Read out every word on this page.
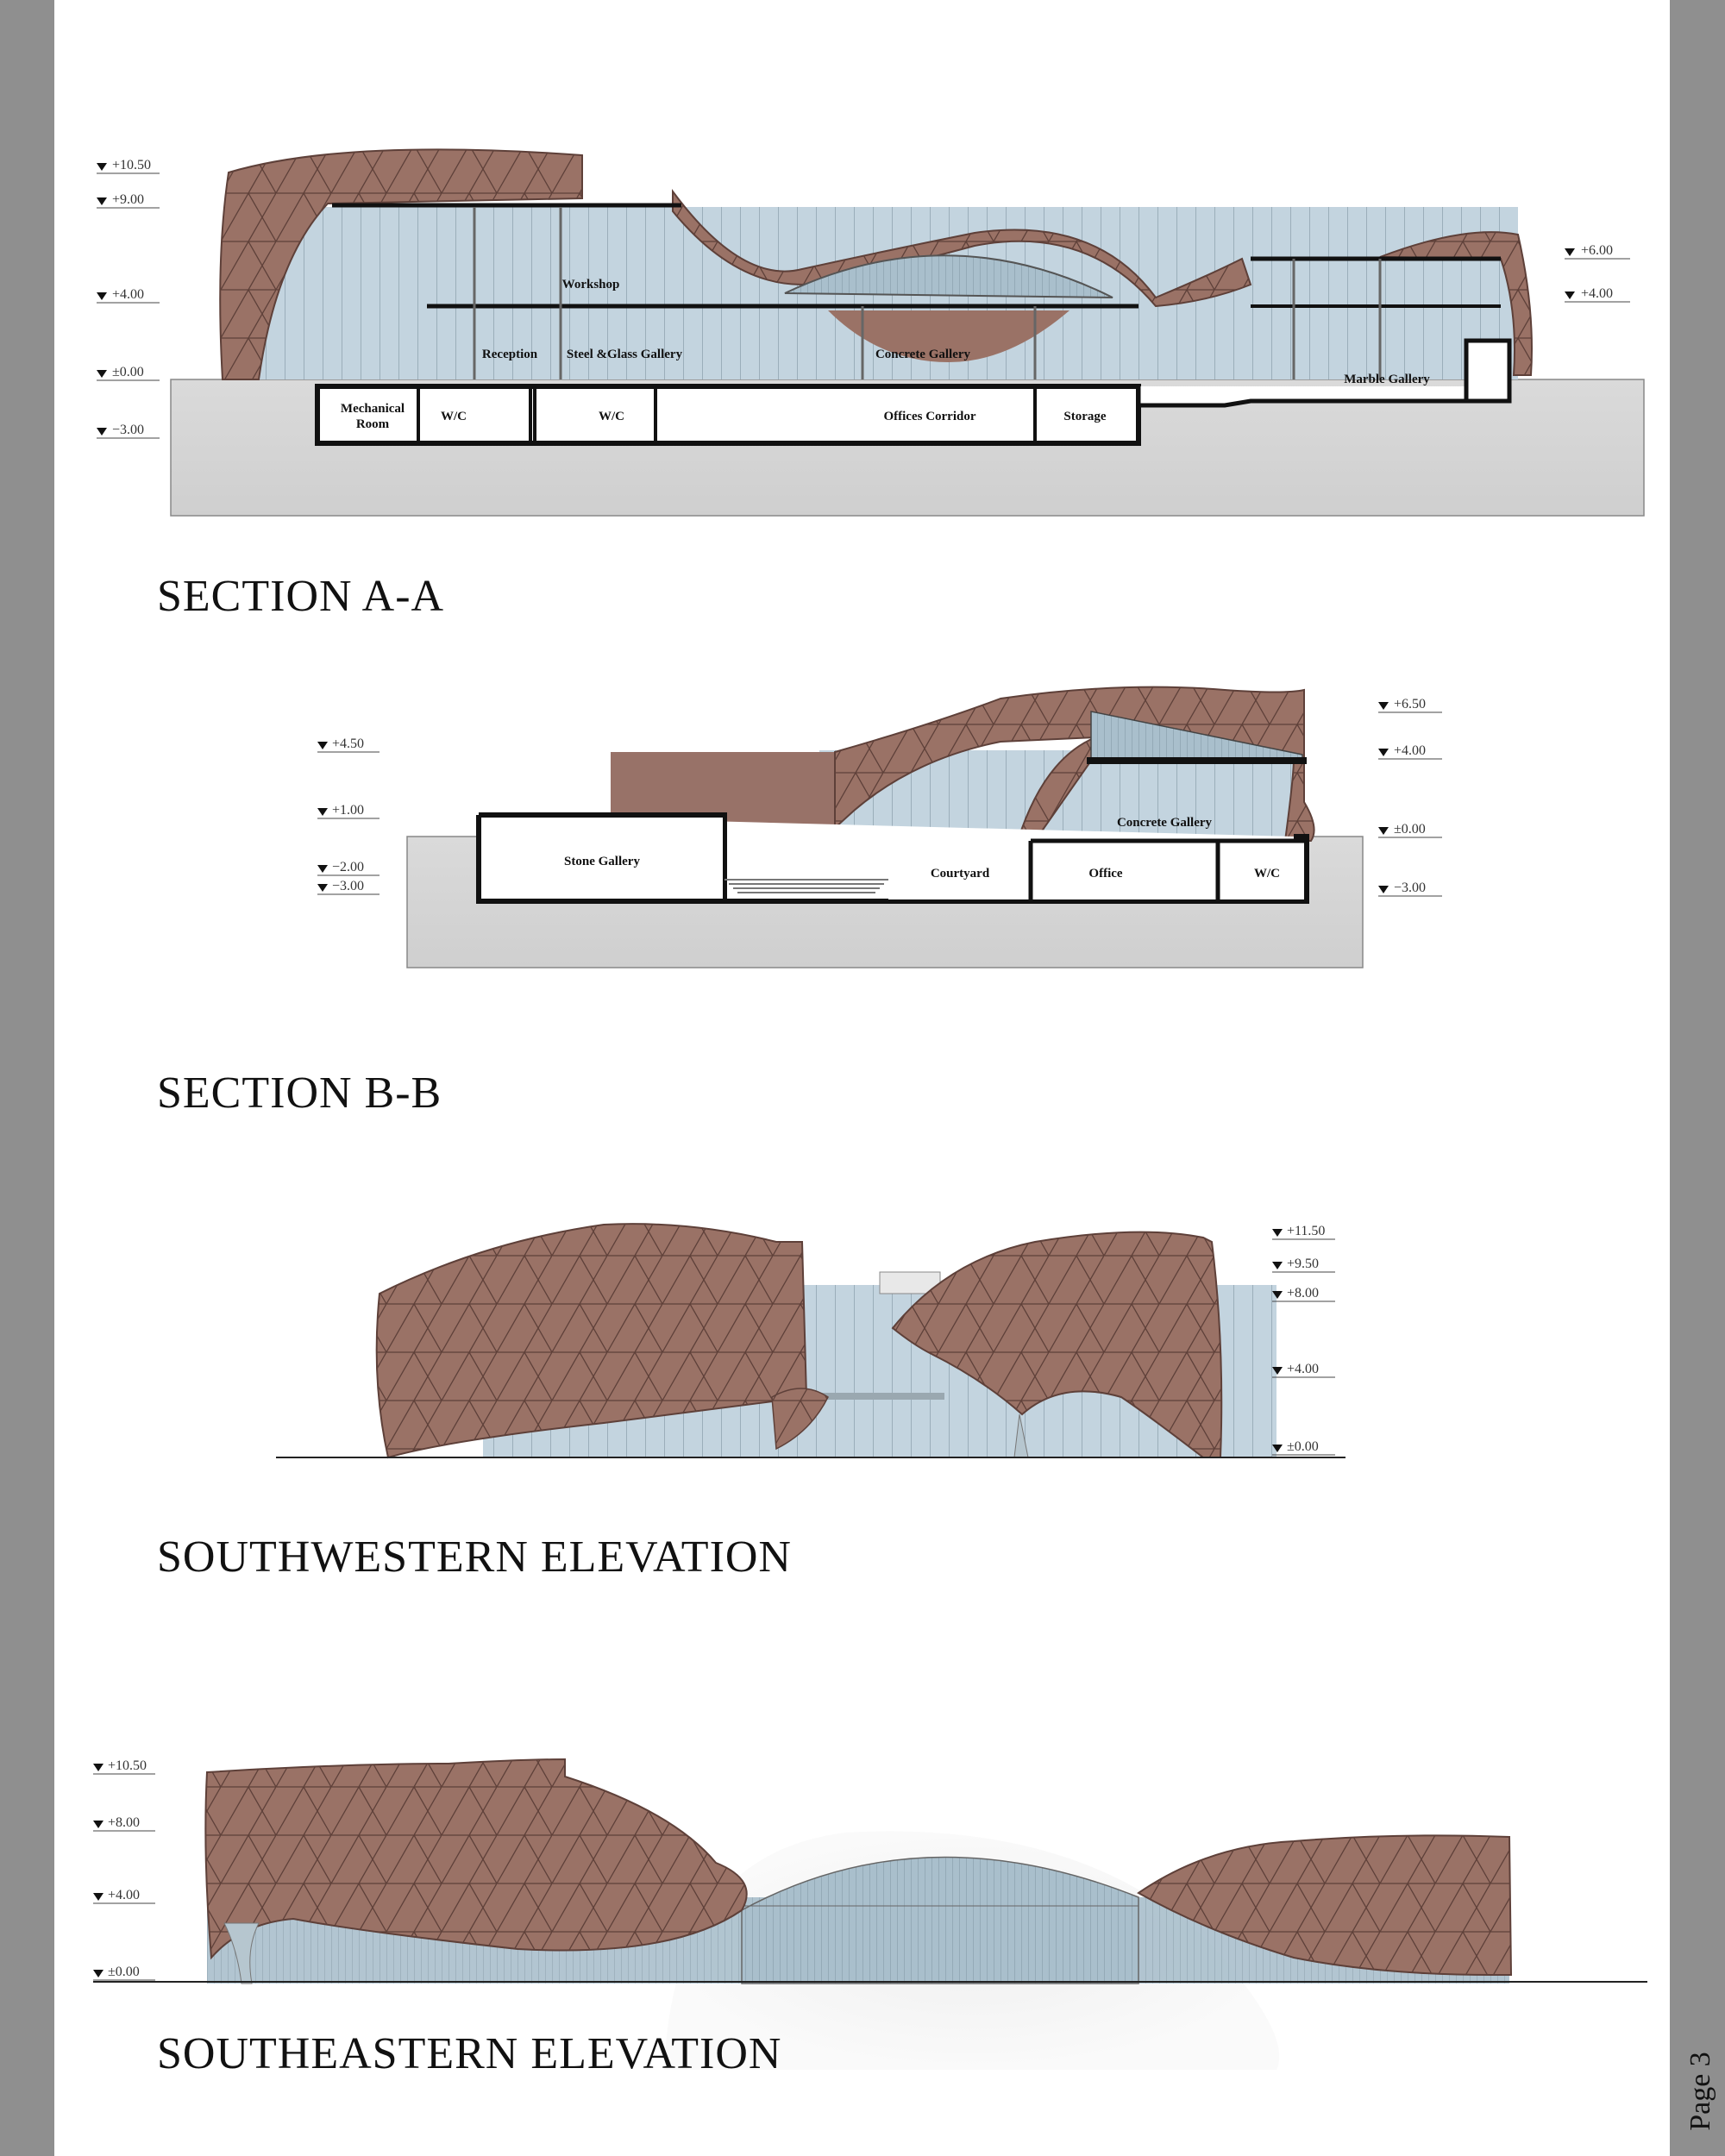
Workshop
Reception Steel &Glass Gallery	Concrete Gallery
Marble Gallery
Mechanical
Room
W/C	W/C	Offices Corridor	Storage
+10.50
+9.00
+4.00
±0.00
−3.00
+6.00
+4.00
Stone Gallery
Courtyard	Office	W/C
Concrete Gallery
+4.50
+1.00
−2.00
−3.00
+6.50
+4.00
±0.00
−3.00
+11.50
+9.50
+8.00
+4.00
±0.00
+10.50
+8.00
+4.00
±0.00
SECTION A-A
SECTION B-B
SOUTHWESTERN ELEVATION
SOUTHEASTERN ELEVATION	Page 3
